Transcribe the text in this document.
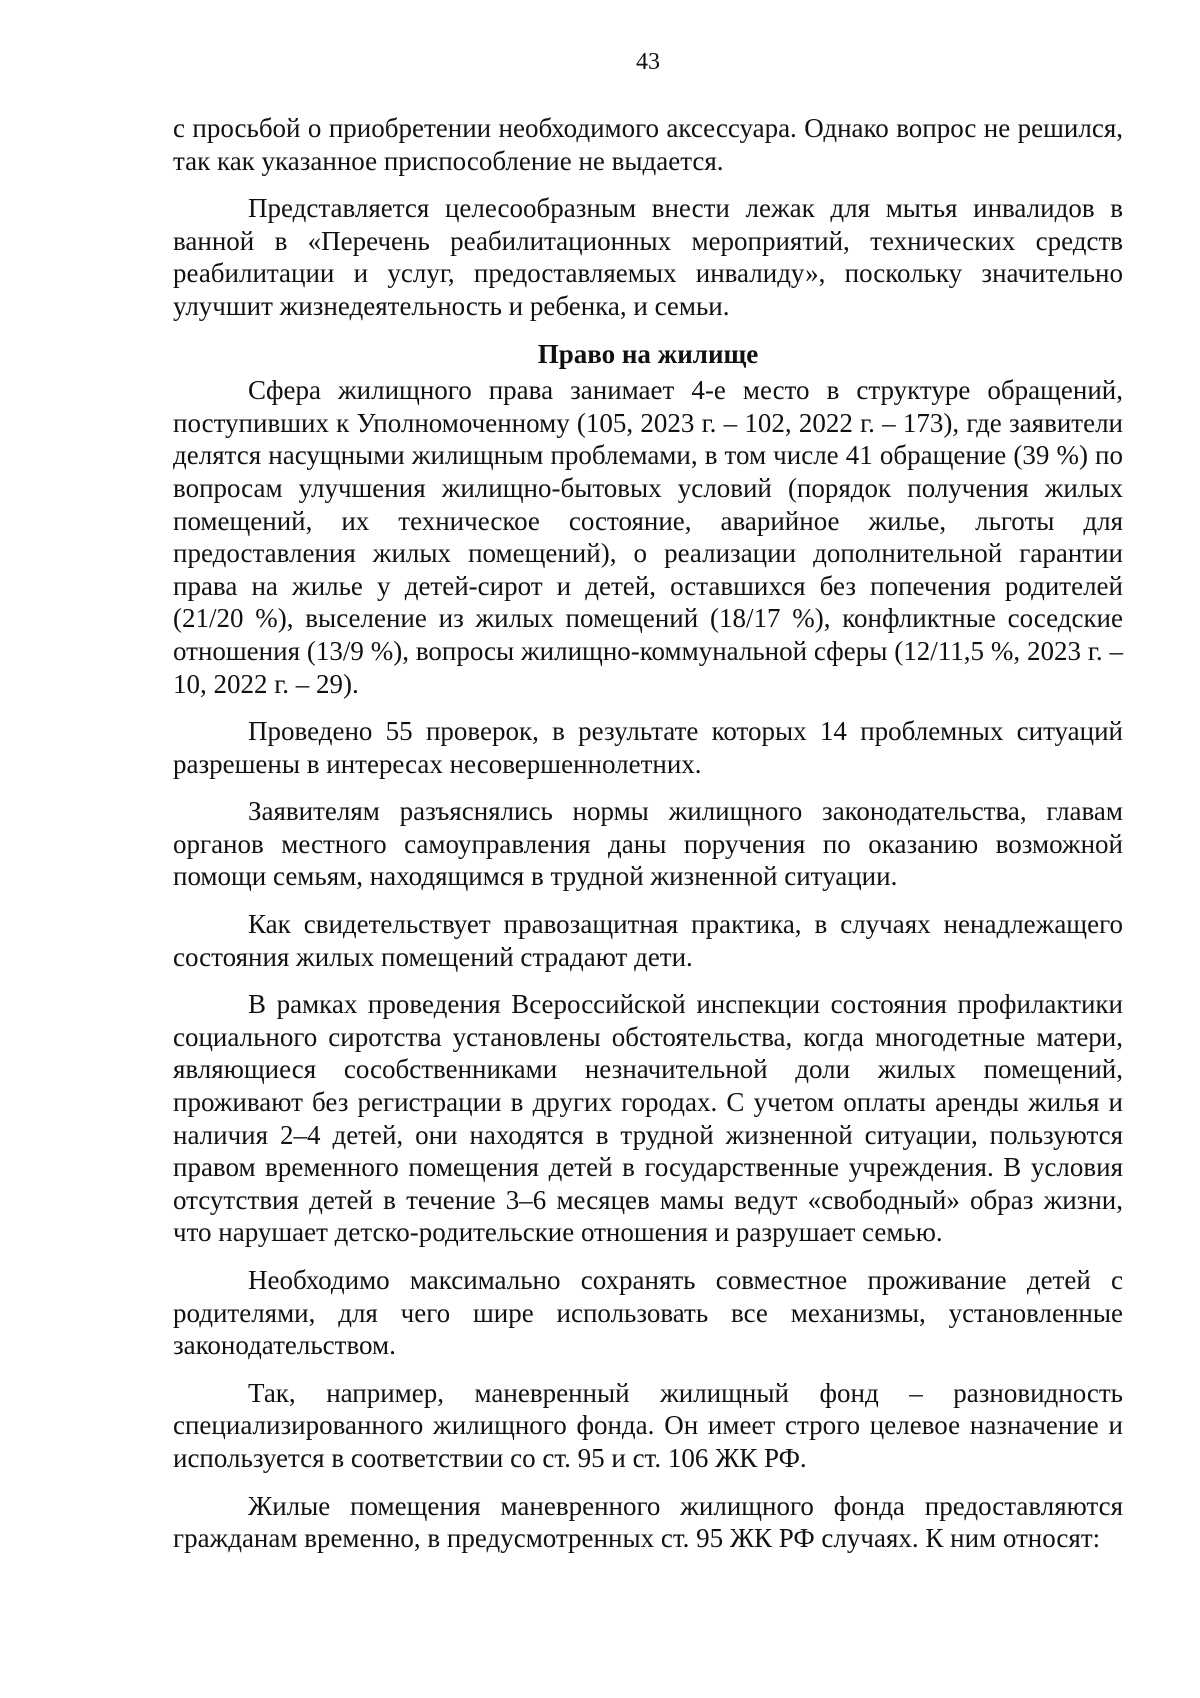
43

с просьбой о приобретении необходимого аксессуара. Однако вопрос не решился, так как указанное приспособление не выдается.

Представляется целесообразным внести лежак для мытья инвалидов в ванной в «Перечень реабилитационных мероприятий, технических средств реабилитации и услуг, предоставляемых инвалиду», поскольку значительно улучшит жизнедеятельность и ребенка, и семьи.

Право на жилище

Сфера жилищного права занимает 4-е место в структуре обращений, поступивших к Уполномоченному (105, 2023 г. – 102, 2022 г. – 173), где заявители делятся насущными жилищным проблемами, в том числе 41 обращение (39 %) по вопросам улучшения жилищно-бытовых условий (порядок получения жилых помещений, их техническое состояние, аварийное жилье, льготы для предоставления жилых помещений), о реализации дополнительной гарантии права на жилье у детей-сирот и детей, оставшихся без попечения родителей (21/20 %), выселение из жилых помещений (18/17 %), конфликтные соседские отношения (13/9 %), вопросы жилищно-коммунальной сферы (12/11,5 %, 2023 г. – 10, 2022 г. – 29).

Проведено 55 проверок, в результате которых 14 проблемных ситуаций разрешены в интересах несовершеннолетних.

Заявителям разъяснялись нормы жилищного законодательства, главам органов местного самоуправления даны поручения по оказанию возможной помощи семьям, находящимся в трудной жизненной ситуации.

Как свидетельствует правозащитная практика, в случаях ненадлежащего состояния жилых помещений страдают дети.

В рамках проведения Всероссийской инспекции состояния профилактики социального сиротства установлены обстоятельства, когда многодетные матери, являющиеся сособственниками незначительной доли жилых помещений, проживают без регистрации в других городах. С учетом оплаты аренды жилья и наличия 2–4 детей, они находятся в трудной жизненной ситуации, пользуются правом временного помещения детей в государственные учреждения. В условия отсутствия детей в течение 3–6 месяцев мамы ведут «свободный» образ жизни, что нарушает детско-родительские отношения и разрушает семью.

Необходимо максимально сохранять совместное проживание детей с родителями, для чего шире использовать все механизмы, установленные законодательством.

Так, например, маневренный жилищный фонд – разновидность специализированного жилищного фонда. Он имеет строго целевое назначение и используется в соответствии со ст. 95 и ст. 106 ЖК РФ.

Жилые помещения маневренного жилищного фонда предоставляются гражданам временно, в предусмотренных ст. 95 ЖК РФ случаях. К ним относят:
